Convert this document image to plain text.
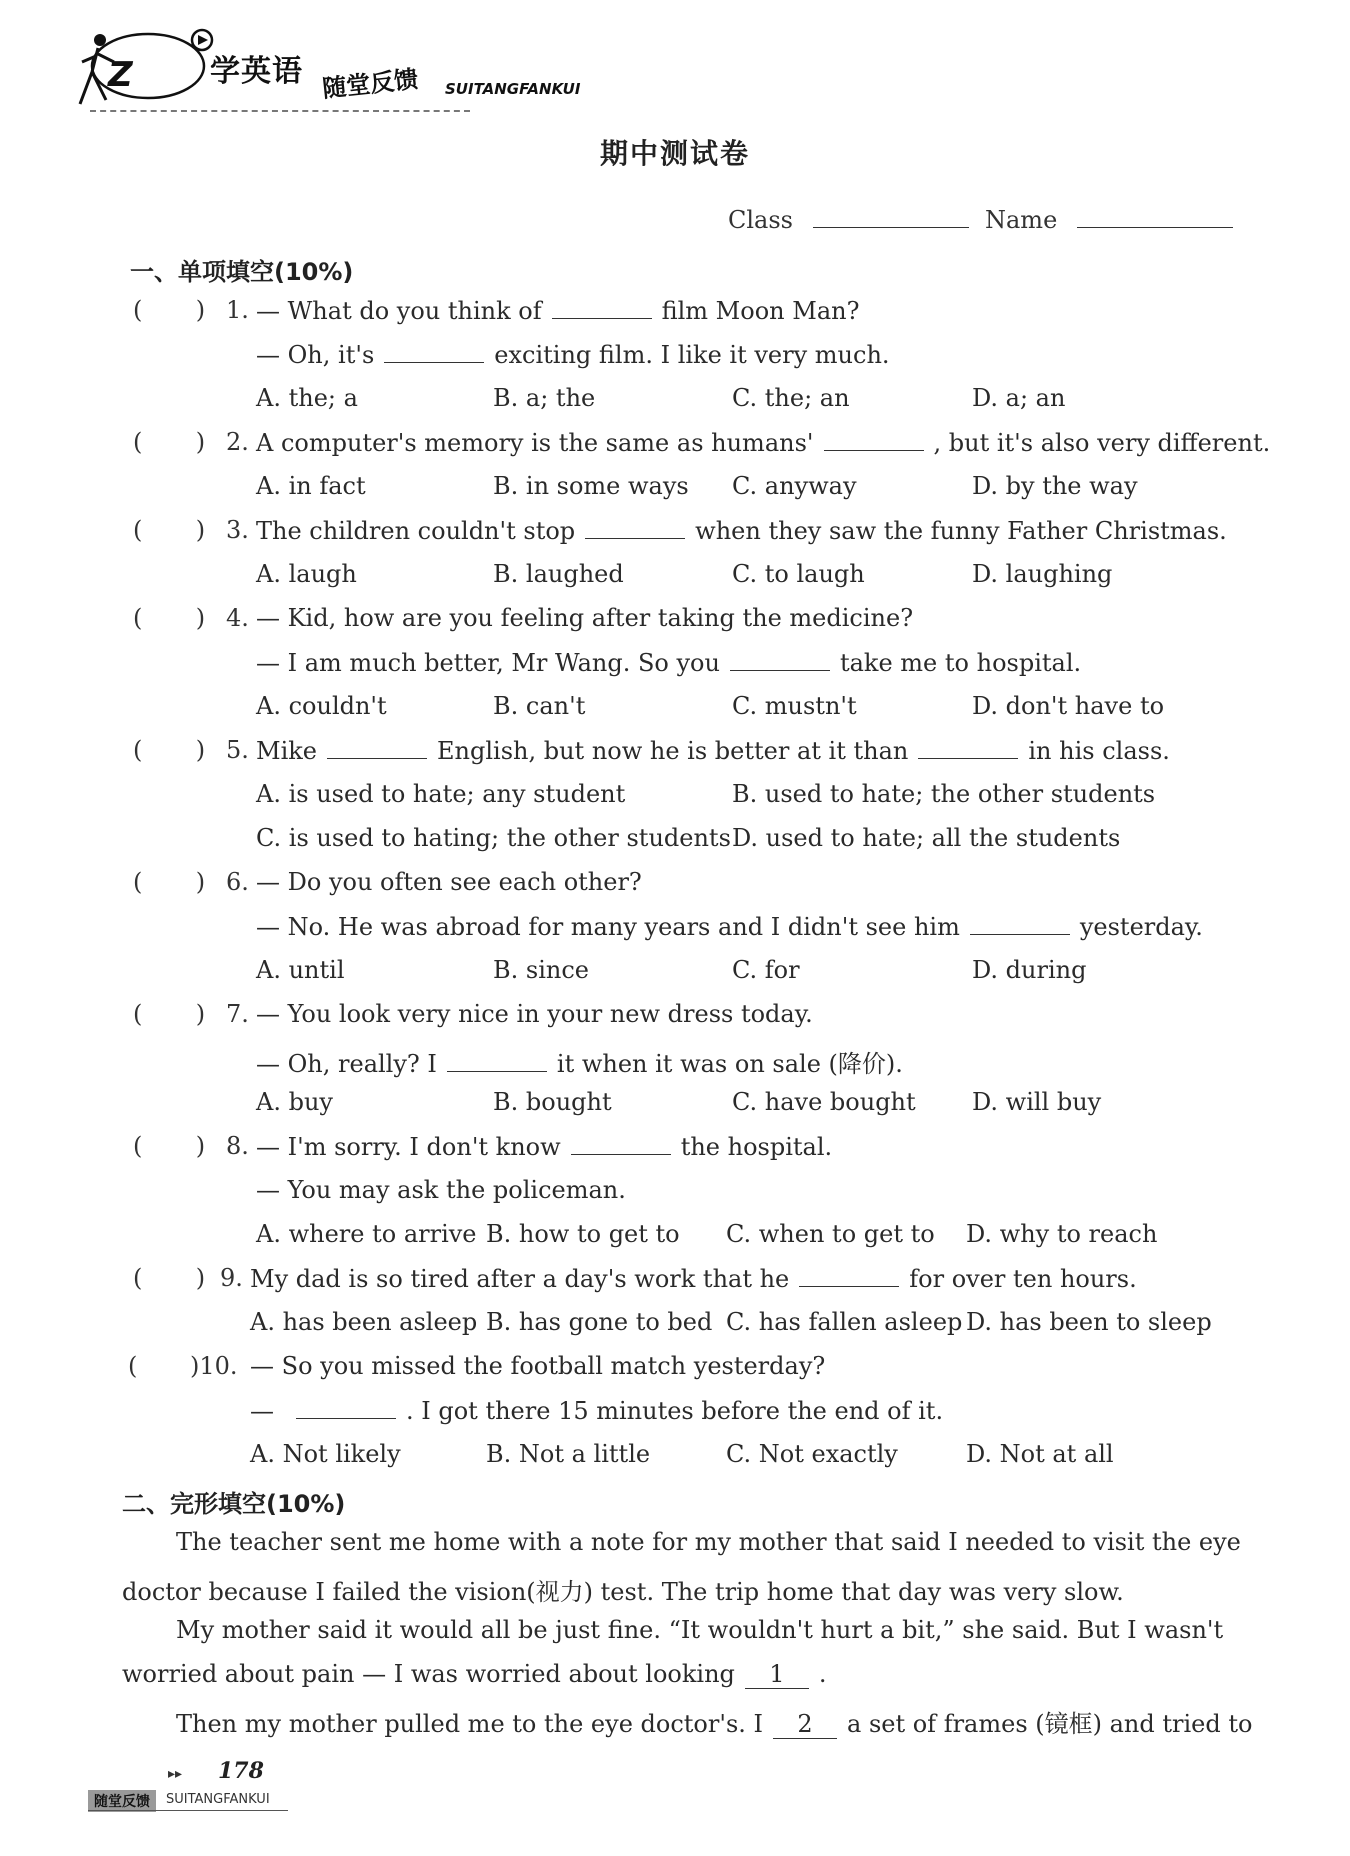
Z	学英语 随堂反馈 SUITANGFANKUI
期中测试卷
Class	Name
一、单项填空(10%)
(       ) 1. — What do you think of	film Moon Man?
— Oh, it's	exciting film. I like it very much.
A. the; a	B. a; the	C. the; an	D. a; an
(       ) 2. A computer's memory is the same as humans'	, but it's also very different.
A. in fact	B. in some ways C. anyway	D. by the way
(       ) 3. The children couldn't stop	when they saw the funny Father Christmas.
A. laugh	B. laughed	C. to laugh	D. laughing
(       ) 4. — Kid, how are you feeling after taking the medicine?
— I am much better, Mr Wang. So you	take me to hospital.
A. couldn't	B. can't	C. mustn't	D. don't have to
(       ) 5. Mike	English, but now he is better at it than	in his class.
A. is used to hate; any student	B. used to hate; the other students
C. is used to hating; the other students D. used to hate; all the students
(       ) 6. — Do you often see each other?
— No. He was abroad for many years and I didn't see him	yesterday.
A. until	B. since	C. for	D. during
(       ) 7. — You look very nice in your new dress today.
— Oh, really? I	it when it was on sale (降价).
A. buy	B. bought	C. have bought D. will buy
(       ) 8. — I'm sorry. I don't know	the hospital.
— You may ask the policeman.
A. where to arrive B. how to get to C. when to get to D. why to reach
(       ) 9. My dad is so tired after a day's work that he	for over ten hours.
A. has been asleep B. has gone to bed C. has fallen asleep D. has been to sleep
( )10. — So you missed the football match yesterday?
—	. I got there 15 minutes before the end of it.
A. Not likely	B. Not a little	C. Not exactly	D. Not at all
二、完形填空(10%)
The teacher sent me home with a note for my mother that said I needed to visit the eye
doctor because I failed the vision(视力) test. The trip home that day was very slow.
My mother said it would all be just fine. “It wouldn't hurt a bit,” she said. But I wasn't
worried about pain — I was worried about looking 1 .
Then my mother pulled me to the eye doctor's. I 2 a set of frames (镜框) and tried to
▸▸ 178
随堂反馈	SUITANGFANKUI
